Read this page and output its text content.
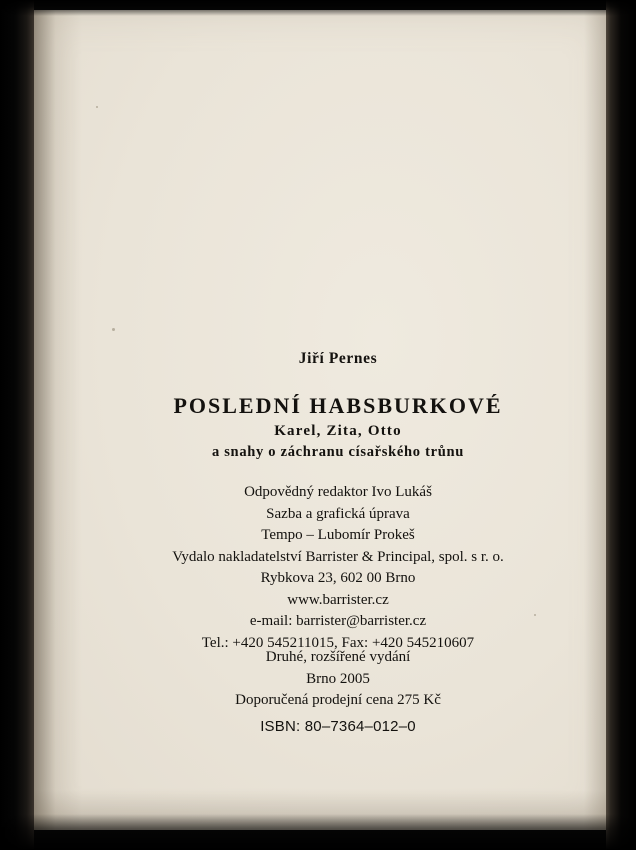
Jiří Pernes
POSLEDNÍ HABSBURKOVÉ
Karel, Zita, Otto
a snahy o záchranu císařského trůnu
Odpovědný redaktor Ivo Lukáš
Sazba a grafická úprava
Tempo – Lubomír Prokeš
Vydalo nakladatelství Barrister & Principal, spol. s r. o.
Rybkova 23, 602 00 Brno
www.barrister.cz
e-mail: barrister@barrister.cz
Tel.: +420 545211015, Fax: +420 545210607
Druhé, rozšířené vydání
Brno 2005
Doporučená prodejní cena 275 Kč
ISBN: 80–7364–012–0
